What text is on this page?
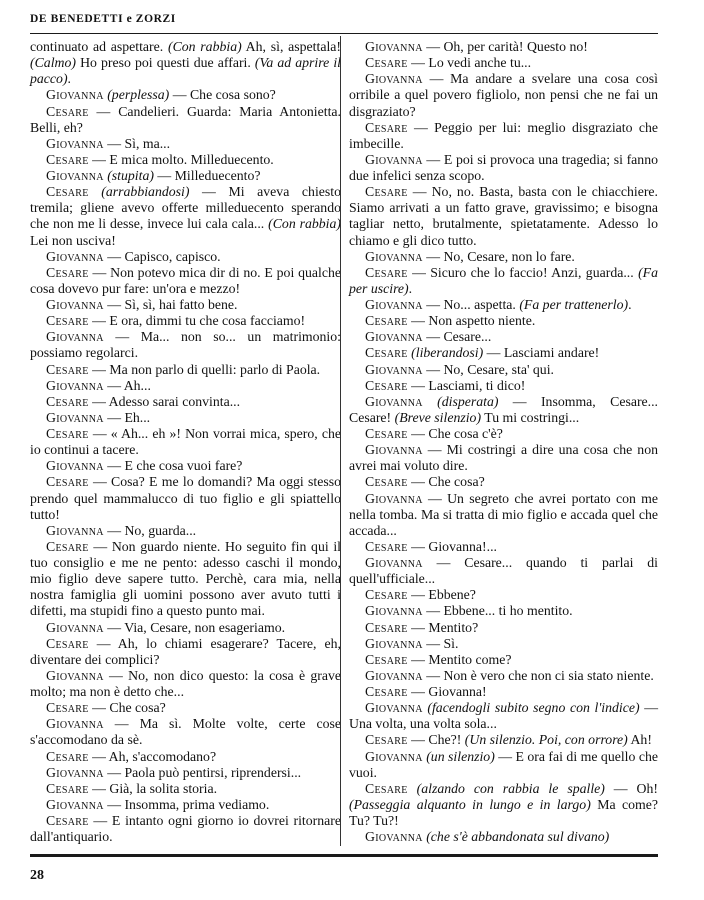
DE BENEDETTI e ZORZI

continuato ad aspettare. (Con rabbia) Ah, sì, aspettala! (Calmo) Ho preso poi questi due affari. (Va ad aprire il pacco).

Giovanna (perplessa) — Che cosa sono?

Cesare — Candelieri. Guarda: Maria Antonietta. Belli, eh?

Giovanna — Sì, ma...

Cesare — E mica molto. Milleduecento.

Giovanna (stupita) — Milleduecento?

Cesare (arrabbiandosi) — Mi aveva chiesto tremila; gliene avevo offerte milleduecento sperando che non me li desse, invece lui cala cala... (Con rabbia) Lei non usciva!

Giovanna — Capisco, capisco.

Cesare — Non potevo mica dir di no. E poi qualche cosa dovevo pur fare: un'ora e mezzo!

Giovanna — Sì, sì, hai fatto bene.

Cesare — E ora, dimmi tu che cosa facciamo!

Giovanna — Ma... non so... un matrimonio: possiamo regolarci.

Cesare — Ma non parlo di quelli: parlo di Paola.

Giovanna — Ah...

Cesare — Adesso sarai convinta...

Giovanna — Eh...

Cesare — « Ah... eh »! Non vorrai mica, spero, che io continui a tacere.

Giovanna — E che cosa vuoi fare?

Cesare — Cosa? E me lo domandi? Ma oggi stesso prendo quel mammalucco di tuo figlio e gli spiattello tutto!

Giovanna — No, guarda...

Cesare — Non guardo niente. Ho seguito fin qui il tuo consiglio e me ne pento: adesso caschi il mondo, mio figlio deve sapere tutto. Perchè, cara mia, nella nostra famiglia gli uomini possono aver avuto tutti i difetti, ma stupidi fino a questo punto mai.

Giovanna — Via, Cesare, non esageriamo.

Cesare — Ah, lo chiami esagerare? Tacere, eh, diventare dei complici?

Giovanna — No, non dico questo: la cosa è grave molto; ma non è detto che...

Cesare — Che cosa?

Giovanna — Ma sì. Molte volte, certe cose s'accomodano da sè.

Cesare — Ah, s'accomodano?

Giovanna — Paola può pentirsi, riprendersi...

Cesare — Già, la solita storia.

Giovanna — Insomma, prima vediamo.

Cesare — E intanto ogni giorno io dovrei ritornare dall'antiquario.

Giovanna — Oh, per carità! Questo no!

Cesare — Lo vedi anche tu...

Giovanna — Ma andare a svelare una cosa così orribile a quel povero figliolo, non pensi che ne fai un disgraziato?

Cesare — Peggio per lui: meglio disgraziato che imbecille.

Giovanna — E poi si provoca una tragedia; si fanno due infelici senza scopo.

Cesare — No, no. Basta, basta con le chiacchiere. Siamo arrivati a un fatto grave, gravissimo; e bisogna tagliar netto, brutalmente, spietatamente. Adesso lo chiamo e gli dico tutto.

Giovanna — No, Cesare, non lo fare.

Cesare — Sicuro che lo faccio! Anzi, guarda... (Fa per uscire).

Giovanna — No... aspetta. (Fa per trattenerlo).

Cesare — Non aspetto niente.

Giovanna — Cesare...

Cesare (liberandosi) — Lasciami andare!

Giovanna — No, Cesare, sta' qui.

Cesare — Lasciami, ti dico!

Giovanna (disperata) — Insomma, Cesare... Cesare! (Breve silenzio) Tu mi costringi...

Cesare — Che cosa c'è?

Giovanna — Mi costringi a dire una cosa che non avrei mai voluto dire.

Cesare — Che cosa?

Giovanna — Un segreto che avrei portato con me nella tomba. Ma si tratta di mio figlio e accada quel che accada...

Cesare — Giovanna!...

Giovanna — Cesare... quando ti parlai di quell'ufficiale...

Cesare — Ebbene?

Giovanna — Ebbene... ti ho mentito.

Cesare — Mentito?

Giovanna — Sì.

Cesare — Mentito come?

Giovanna — Non è vero che non ci sia stato niente.

Cesare — Giovanna!

Giovanna (facendogli subito segno con l'indice) — Una volta, una volta sola...

Cesare — Che?! (Un silenzio. Poi, con orrore) Ah!

Giovanna (un silenzio) — E ora fai di me quello che vuoi.

Cesare (alzando con rabbia le spalle) — Oh! (Passeggia alquanto in lungo e in largo) Ma come? Tu? Tu?!

Giovanna (che s'è abbandonata sul divano)

28
